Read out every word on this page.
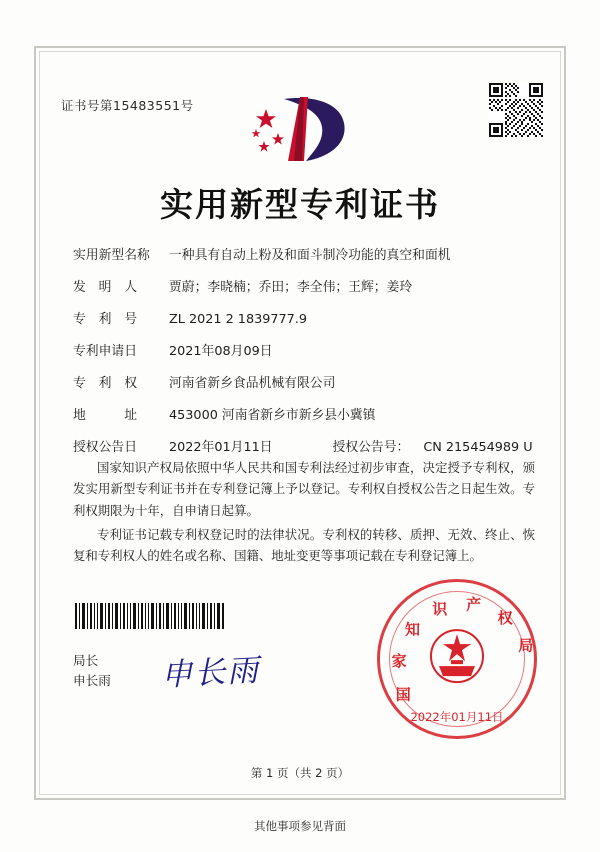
证书号第15483551号
实用新型专利证书
实用新型名称	一种具有自动上粉及和面斗制冷功能的真空和面机
发　明　人	贾蔚；李晓楠；乔田；李全伟；王辉；姜玲
专　利　号	ZL 2021 2 1839777.9
专利申请日	2021年08月09日
专　利　权	河南省新乡食品机械有限公司
地　　　址	453000 河南省新乡市新乡县小冀镇
授权公告日	2022年01月11日	授权公告号： CN 215454989 U

国家知识产权局依照中华人民共和国专利法经过初步审查，决定授予专利权，颁发实用新型专利证书并在专利登记簿上予以登记。专利权自授权公告之日起生效。专利权期限为十年，自申请日起算。

专利证书记载专利权登记时的法律状况。专利权的转移、质押、无效、终止、恢复和专利权人的姓名或名称、国籍、地址变更等事项记载在专利登记簿上。

局长
申长雨 申长雨
国
家
知
识 产
权
局
2022年01月11日
第 1 页（共 2 页）
其他事项参见背面
